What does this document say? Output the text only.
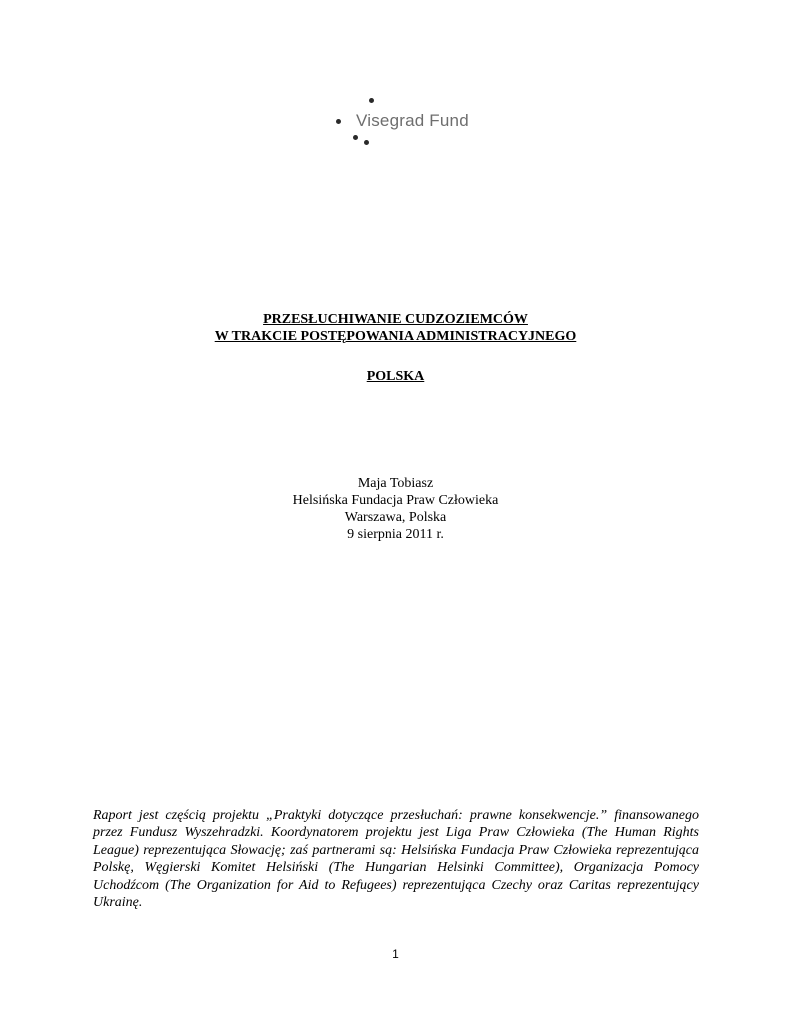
Visegrad Fund
PRZESŁUCHIWANIE CUDZOZIEMCÓW
W TRAKCIE POSTĘPOWANIA ADMINISTRACYJNEGO
POLSKA
Maja Tobiasz
Helsińska Fundacja Praw Człowieka
Warszawa, Polska
9 sierpnia 2011 r.
Raport jest częścią projektu „Praktyki dotyczące przesłuchań: prawne konsekwencje.” finansowanego przez Fundusz Wyszehradzki. Koordynatorem projektu jest Liga Praw Człowieka (The Human Rights League) reprezentująca Słowację; zaś partnerami są: Helsińska Fundacja Praw Człowieka reprezentująca Polskę, Węgierski Komitet Helsiński (The Hungarian Helsinki Committee), Organizacja Pomocy Uchodźcom (The Organization for Aid to Refugees) reprezentująca Czechy oraz Caritas reprezentujący Ukrainę.
1
